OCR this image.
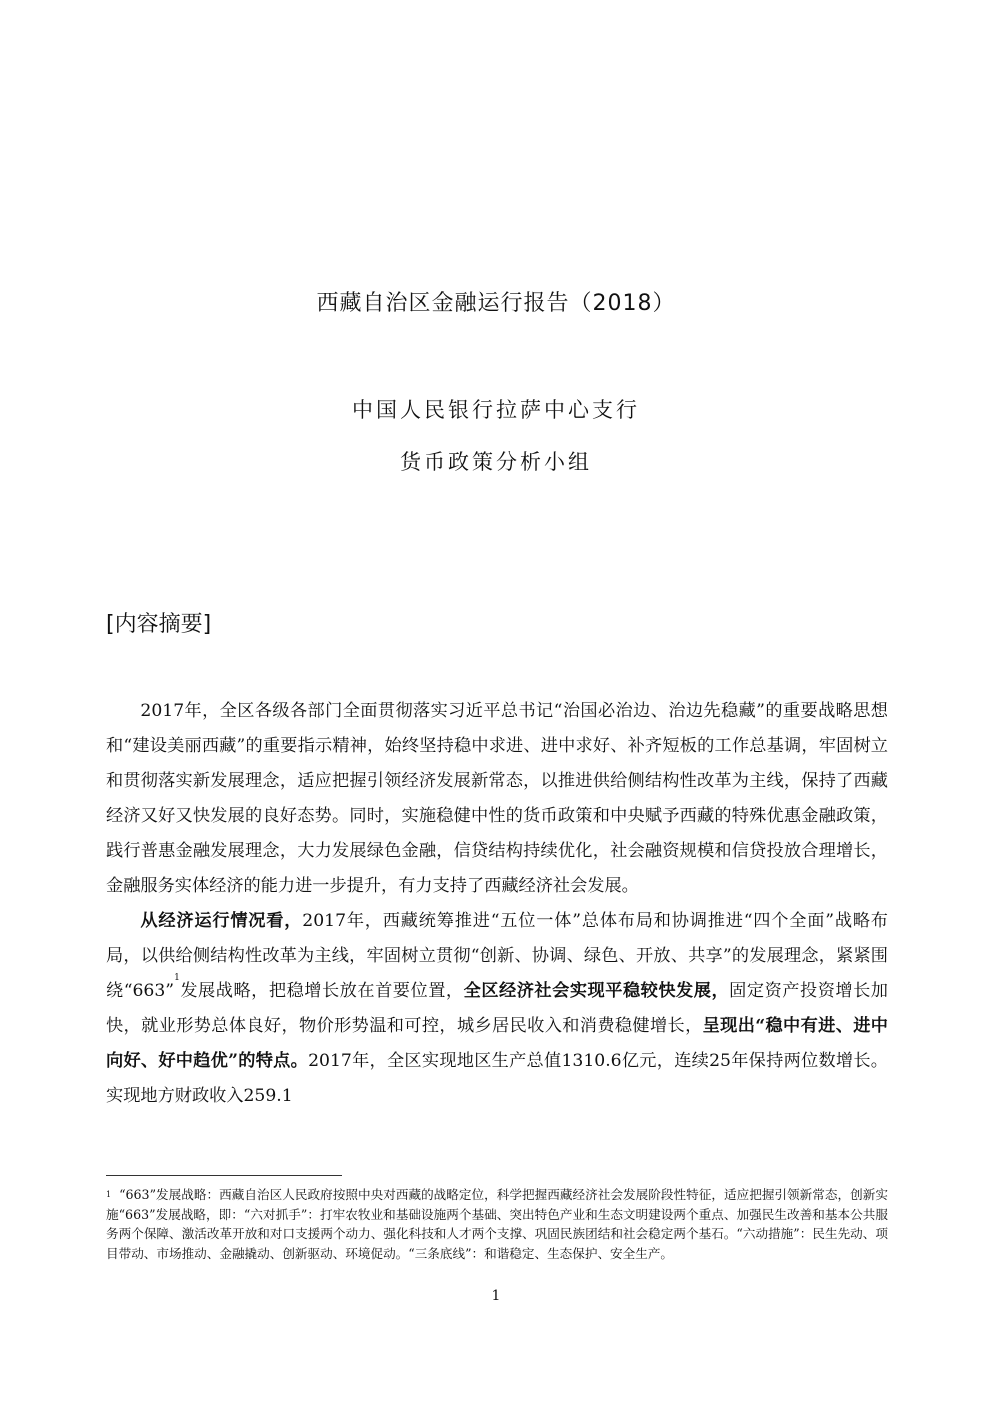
西藏自治区金融运行报告（2018）
中国人民银行拉萨中心支行
货币政策分析小组
[内容摘要]

2017年，全区各级各部门全面贯彻落实习近平总书记“治国必治边、治边先稳藏”的重要战略思想和“建设美丽西藏”的重要指示精神，始终坚持稳中求进、进中求好、补齐短板的工作总基调，牢固树立和贯彻落实新发展理念，适应把握引领经济发展新常态，以推进供给侧结构性改革为主线，保持了西藏经济又好又快发展的良好态势。同时，实施稳健中性的货币政策和中央赋予西藏的特殊优惠金融政策，践行普惠金融发展理念，大力发展绿色金融，信贷结构持续优化，社会融资规模和信贷投放合理增长，金融服务实体经济的能力进一步提升，有力支持了西藏经济社会发展。

从经济运行情况看，2017年，西藏统筹推进“五位一体”总体布局和协调推进“四个全面”战略布局，以供给侧结构性改革为主线，牢固树立贯彻“创新、协调、绿色、开放、共享”的发展理念，紧紧围绕“663”$^1$发展战略，把稳增长放在首要位置，全区经济社会实现平稳较快发展，固定资产投资增长加快，就业形势总体良好，物价形势温和可控，城乡居民收入和消费稳健增长，呈现出“稳中有进、进中向好、好中趋优”的特点。2017年，全区实现地区生产总值1310.6亿元，连续25年保持两位数增长。实现地方财政收入259.1

$^1$ “663”发展战略：西藏自治区人民政府按照中央对西藏的战略定位，科学把握西藏经济社会发展阶段性特征，适应把握引领新常态，创新实施“663”发展战略，即：“六对抓手”：打牢农牧业和基础设施两个基础、突出特色产业和生态文明建设两个重点、加强民生改善和基本公共服务两个保障、激活改革开放和对口支援两个动力、强化科技和人才两个支撑、巩固民族团结和社会稳定两个基石。“六动措施”：民生先动、项目带动、市场推动、金融撬动、创新驱动、环境促动。“三条底线”：和谐稳定、生态保护、安全生产。
1
